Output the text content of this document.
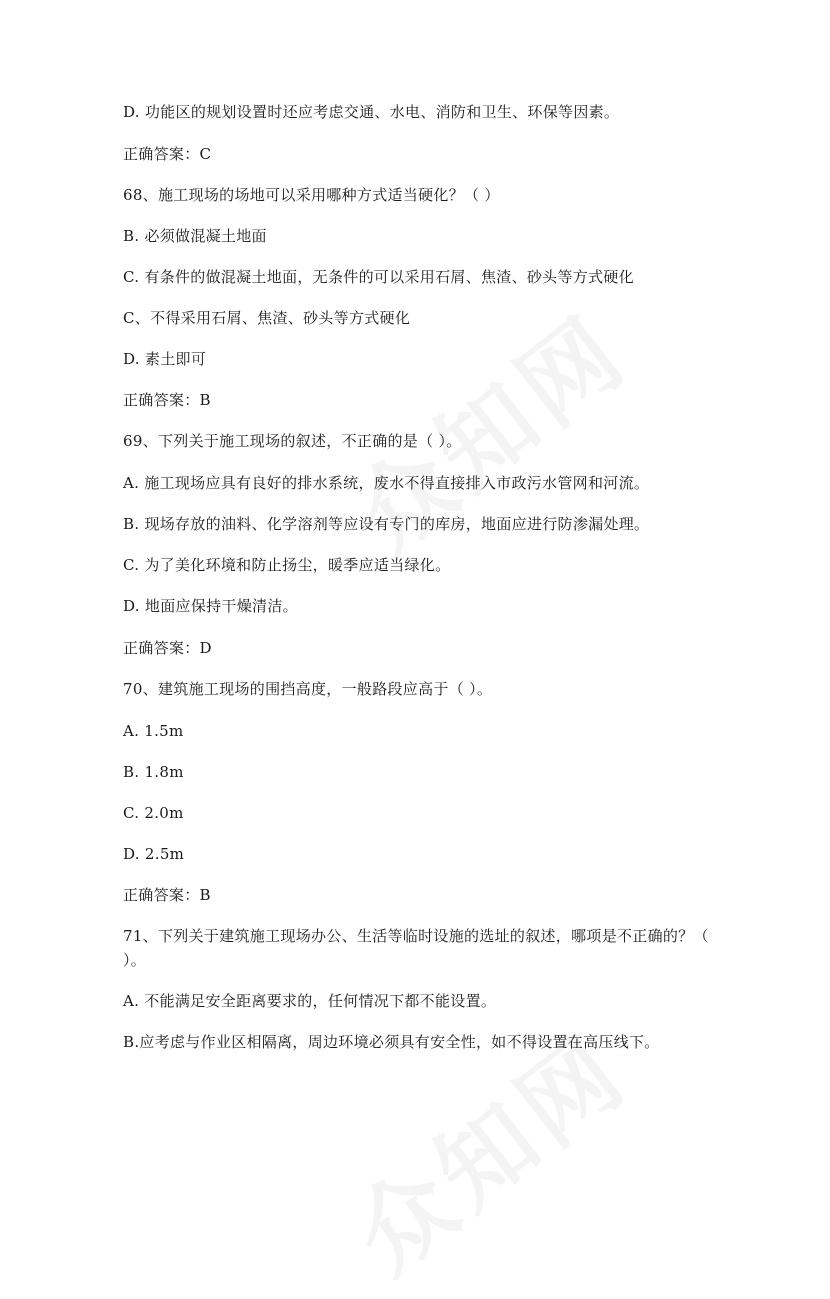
D. 功能区的规划设置时还应考虑交通、水电、消防和卫生、环保等因素。
正确答案：C
68、施工现场的场地可以采用哪种方式适当硬化？（ ）
B. 必须做混凝土地面
C. 有条件的做混凝土地面，无条件的可以采用石屑、焦渣、砂头等方式硬化
C、不得采用石屑、焦渣、砂头等方式硬化
D. 素土即可
正确答案：B
69、下列关于施工现场的叙述，不正确的是（ ）。
A. 施工现场应具有良好的排水系统，废水不得直接排入市政污水管网和河流。
B. 现场存放的油料、化学溶剂等应设有专门的库房，地面应进行防渗漏处理。
C. 为了美化环境和防止扬尘，暖季应适当绿化。
D. 地面应保持干燥清洁。
正确答案：D
70、建筑施工现场的围挡高度，一般路段应高于（ ）。
A. 1.5m
B. 1.8m
C. 2.0m
D. 2.5m
正确答案：B
71、下列关于建筑施工现场办公、生活等临时设施的选址的叙述，哪项是不正确的？（ ）。
A. 不能满足安全距离要求的，任何情况下都不能设置。
B.应考虑与作业区相隔离，周边环境必须具有安全性，如不得设置在高压线下。
